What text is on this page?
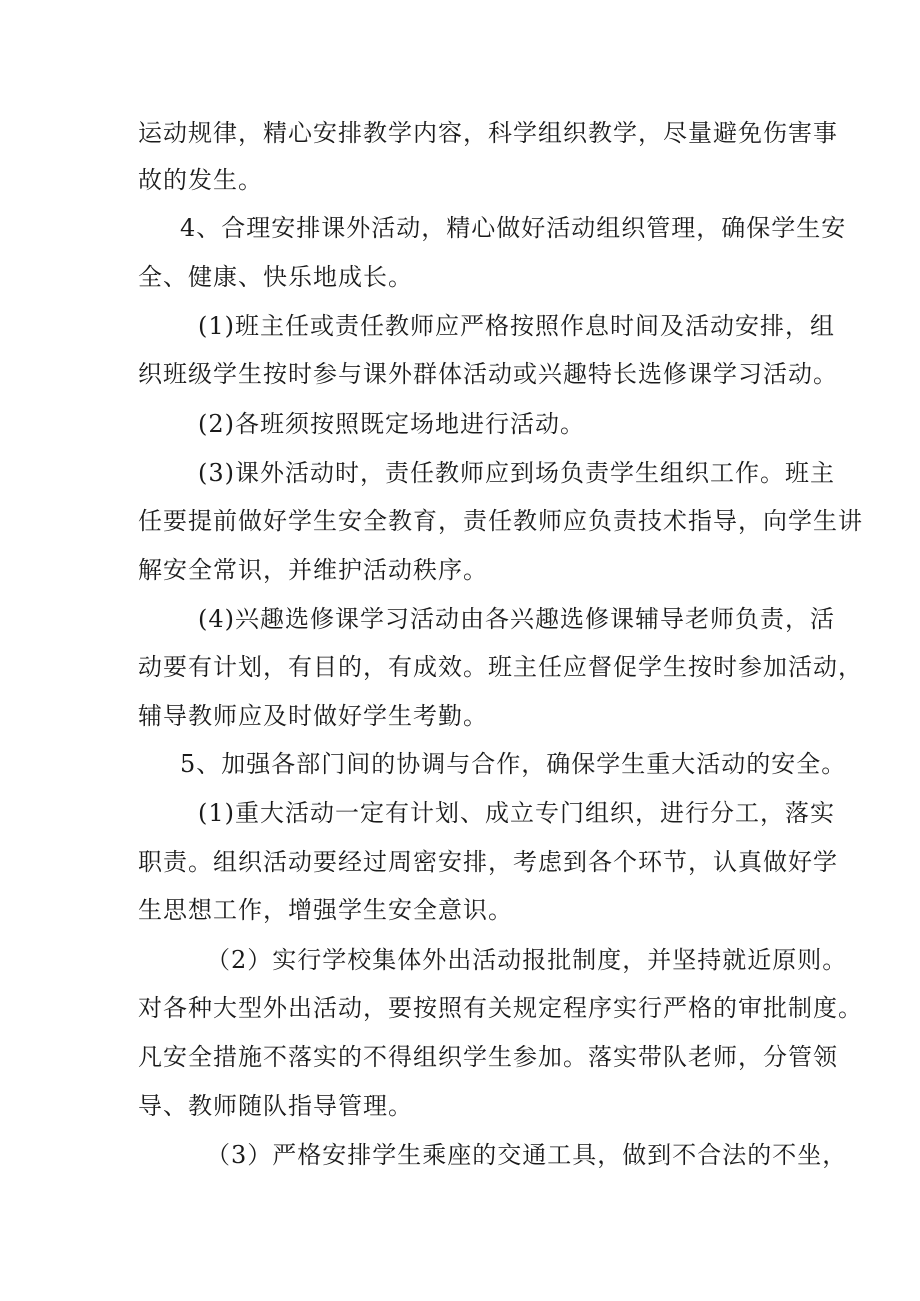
运动规律，精心安排教学内容，科学组织教学，尽量避免伤害事
故的发生。
4、合理安排课外活动，精心做好活动组织管理，确保学生安
全、健康、快乐地成长。
(1)班主任或责任教师应严格按照作息时间及活动安排，组
织班级学生按时参与课外群体活动或兴趣特长选修课学习活动。
(2)各班须按照既定场地进行活动。
(3)课外活动时，责任教师应到场负责学生组织工作。班主
任要提前做好学生安全教育，责任教师应负责技术指导，向学生讲
解安全常识，并维护活动秩序。
(4)兴趣选修课学习活动由各兴趣选修课辅导老师负责，活
动要有计划，有目的，有成效。班主任应督促学生按时参加活动，
辅导教师应及时做好学生考勤。
5、加强各部门间的协调与合作，确保学生重大活动的安全。
(1)重大活动一定有计划、成立专门组织，进行分工，落实
职责。组织活动要经过周密安排，考虑到各个环节，认真做好学
生思想工作，增强学生安全意识。
（2）实行学校集体外出活动报批制度，并坚持就近原则。
对各种大型外出活动，要按照有关规定程序实行严格的审批制度。
凡安全措施不落实的不得组织学生参加。落实带队老师，分管领
导、教师随队指导管理。
（3）严格安排学生乘座的交通工具，做到不合法的不坐，
